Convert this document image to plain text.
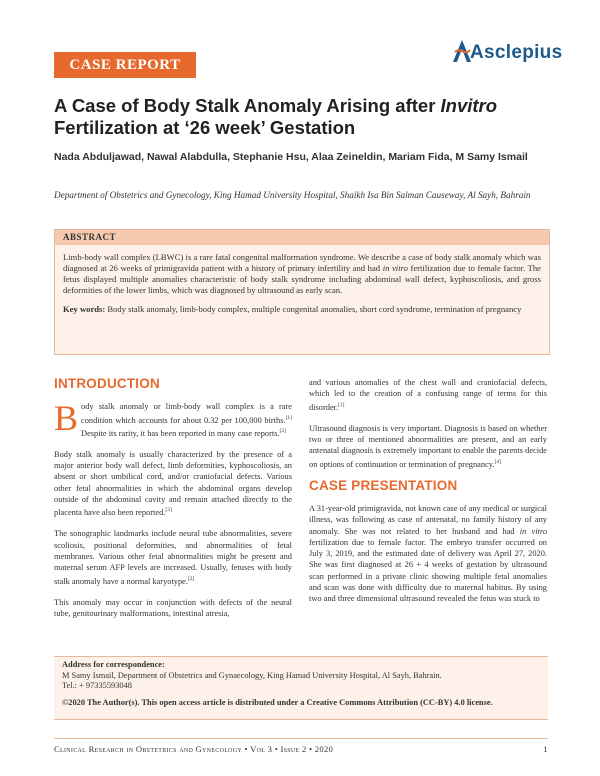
CASE REPORT
Asclepius
A Case of Body Stalk Anomaly Arising after Invitro Fertilization at ‘26 week’ Gestation
Nada Abduljawad, Nawal Alabdulla, Stephanie Hsu, Alaa Zeineldin, Mariam Fida, M Samy Ismail
Department of Obstetrics and Gynecology, King Hamad University Hospital, Shaikh Isa Bin Salman Causeway, Al Sayh, Bahrain
ABSTRACT
Limb-body wall complex (LBWC) is a rare fatal congenital malformation syndrome. We describe a case of body stalk anomaly which was diagnosed at 26 weeks of primigravida patient with a history of primary infertility and had in vitro fertilization due to female factor. The fetus displayed multiple anomalies characteristic of body stalk syndrome including abdominal wall defect, kyphoscoliosis, and gross deformities of the lower limbs, which was diagnosed by ultrasound as early scan.
Key words: Body stalk anomaly, limb-body complex, multiple congenital anomalies, short cord syndrome, termination of pregnancy
INTRODUCTION

Body stalk anomaly or limb-body wall complex is a rare condition which accounts for about 0.32 per 100,000 births.[1] Despite its rarity, it has been reported in many case reports.[2]

Body stalk anomaly is usually characterized by the presence of a major anterior body wall defect, limb deformities, kyphoscoliosis, an absent or short umbilical cord, and/or craniofacial defects. Various other fetal abnormalities in which the abdominal organs develop outside of the abdominal cavity and remain attached directly to the placenta have also been reported.[3]

The sonographic landmarks include neural tube abnormalities, severe scoliosis, positional deformities, and abnormalities of fetal membranes. Various other fetal abnormalities might be present and maternal serum AFP levels are increased. Usually, fetuses with body stalk anomaly have a normal karyotype.[2]

This anomaly may occur in conjunction with defects of the neural tube, genitourinary malformations, intestinal atresia,

and various anomalies of the chest wall and craniofacial defects, which led to the creation of a confusing range of terms for this disorder.[1]

Ultrasound diagnosis is very important. Diagnosis is based on whether two or three of mentioned abnormalities are present, and an early antenatal diagnosis is extremely important to enable the parents decide on options of continuation or termination of pregnancy.[4]

CASE PRESENTATION

A 31-year-old primigravida, not known case of any medical or surgical illness, was following as case of antenatal, no family history of any anomaly. She was not related to her husband and had in vitro fertilization due to female factor. The embryo transfer occurred on July 3, 2019, and the estimated date of delivery was April 27, 2020. She was first diagnosed at 26 + 4 weeks of gestation by ultrasound scan performed in a private clinic showing multiple fetal anomalies and scan was done with difficulty due to maternal habitus. By using two and three dimensional ultrasound revealed the fetus was stuck to

Address for correspondence:
M Samy Ismail, Department of Obstetrics and Gynaecology, King Hamad University Hospital, Al Sayh, Bahrain.
Tel.: + 97335593048
©2020 The Author(s). This open access article is distributed under a Creative Commons Attribution (CC-BY) 4.0 license.
Clinical Research in Obstetrics and Gynecology • Vol 3 • Issue 2 • 2020	1
